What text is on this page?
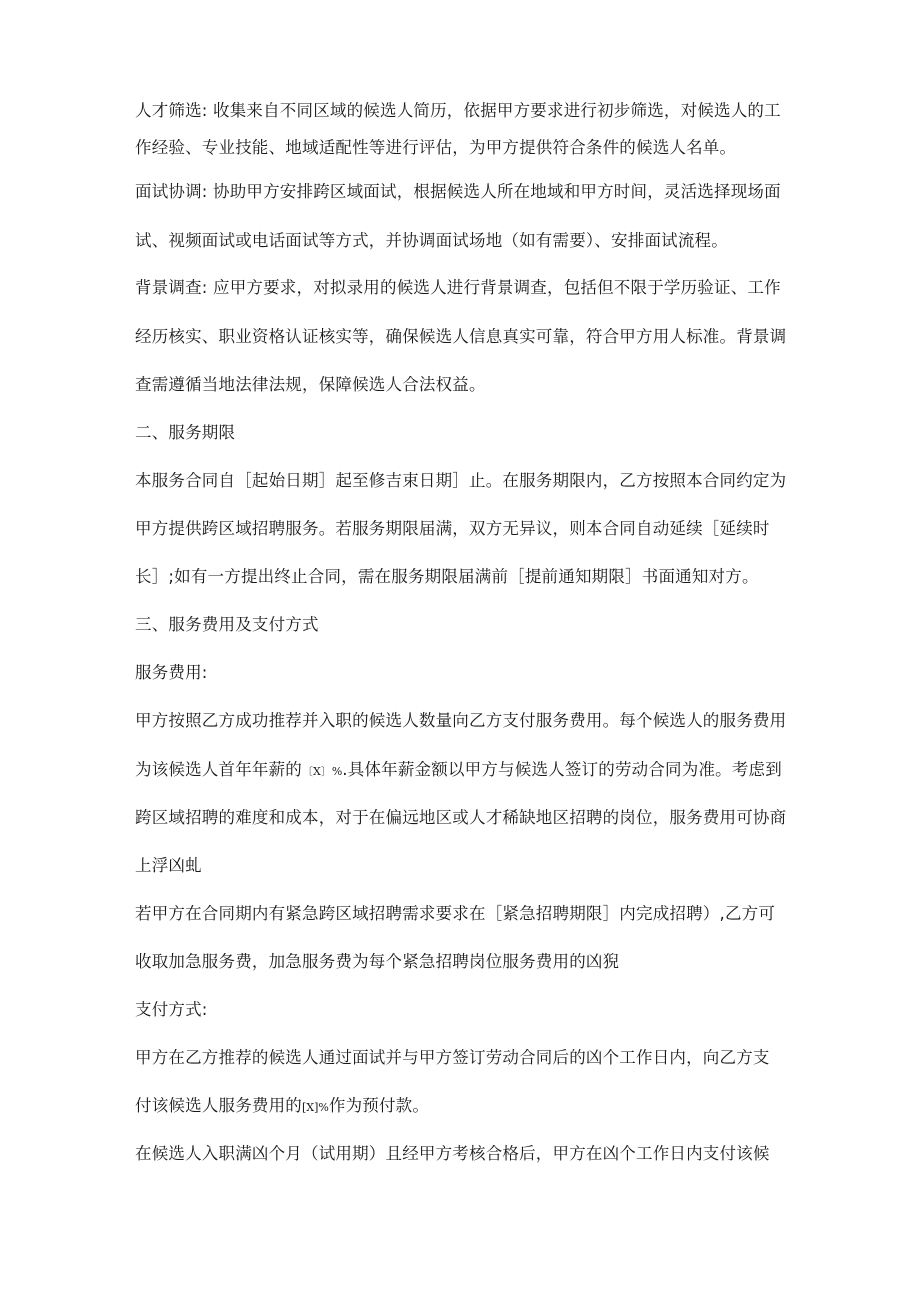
人才筛选: 收集来自不同区域的候选人简历，依据甲方要求进行初步筛选，对候选人的工
作经验、专业技能、地域适配性等进行评估，为甲方提供符合条件的候选人名单。
面试协调: 协助甲方安排跨区域面试，根据候选人所在地域和甲方时间，灵活选择现场面
试、视频面试或电话面试等方式，并协调面试场地（如有需要）、安排面试流程。
背景调查: 应甲方要求，对拟录用的候选人进行背景调查，包括但不限于学历验证、工作
经历核实、职业资格认证核实等，确保候选人信息真实可靠，符合甲方用人标准。背景调
查需遵循当地法律法规，保障候选人合法权益。
二、服务期限
本服务合同自［起始日期］起至修吉束日期］止。在服务期限内，乙方按照本合同约定为
甲方提供跨区域招聘服务。若服务期限届满，双方无异议，则本合同自动延续［延续时
长］;如有一方提出终止合同，需在服务期限届满前［提前通知期限］书面通知对方。
三、服务费用及支付方式
服务费用:
甲方按照乙方成功推荐并入职的候选人数量向乙方支付服务费用。每个候选人的服务费用
为该候选人首年年薪的〔X〕%.具体年薪金额以甲方与候选人签订的劳动合同为准。考虑到
跨区域招聘的难度和成本，对于在偏远地区或人才稀缺地区招聘的岗位，服务费用可协商
上浮凶虬
若甲方在合同期内有紧急跨区域招聘需求要求在［紧急招聘期限］内完成招聘）,乙方可
收取加急服务费，加急服务费为每个紧急招聘岗位服务费用的凶猊
支付方式:
甲方在乙方推荐的候选人通过面试并与甲方签订劳动合同后的凶个工作日内，向乙方支
付该候选人服务费用的[X]%作为预付款。
在候选人入职满凶个月（试用期）且经甲方考核合格后，甲方在凶个工作日内支付该候
